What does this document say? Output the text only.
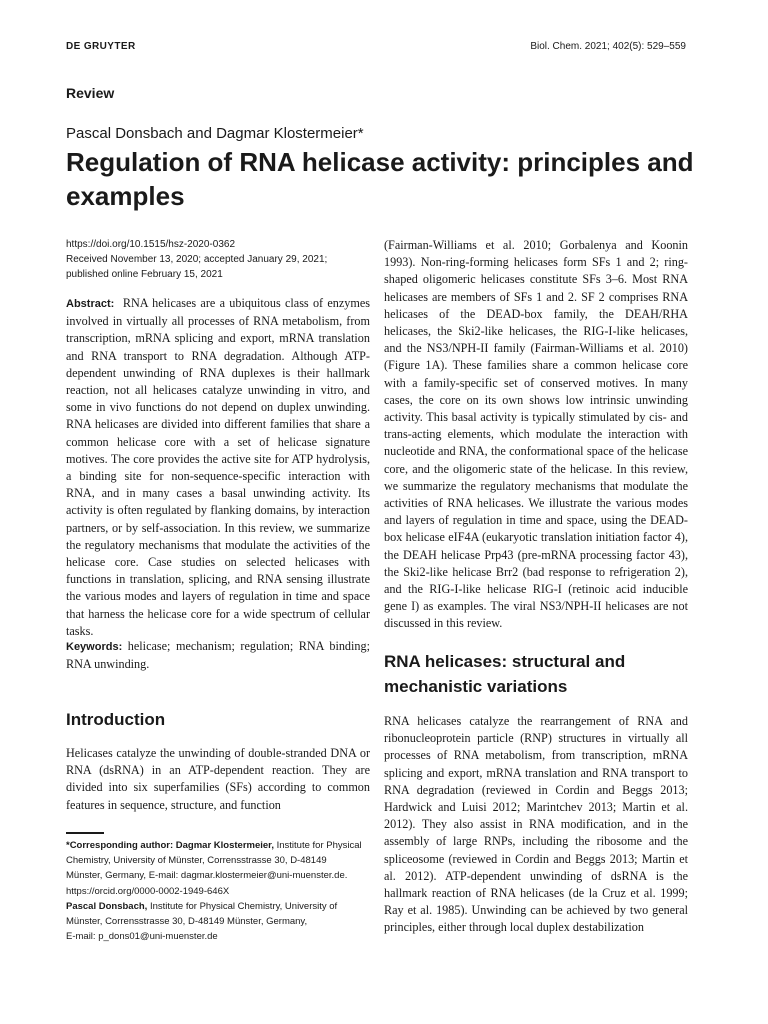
DE GRUYTER	Biol. Chem. 2021; 402(5): 529–559
Review
Pascal Donsbach and Dagmar Klostermeier*
Regulation of RNA helicase activity: principles and examples
https://doi.org/10.1515/hsz-2020-0362
Received November 13, 2020; accepted January 29, 2021;
published online February 15, 2021

Abstract: RNA helicases are a ubiquitous class of enzymes involved in virtually all processes of RNA metabolism, from transcription, mRNA splicing and export, mRNA translation and RNA transport to RNA degradation. Although ATP-dependent unwinding of RNA duplexes is their hallmark reaction, not all helicases catalyze unwinding in vitro, and some in vivo functions do not depend on duplex unwinding. RNA helicases are divided into different families that share a common helicase core with a set of helicase signature motives. The core provides the active site for ATP hydrolysis, a binding site for non-sequence-specific interaction with RNA, and in many cases a basal unwinding activity. Its activity is often regulated by flanking domains, by interaction partners, or by self-association. In this review, we summarize the regulatory mechanisms that modulate the activities of the helicase core. Case studies on selected helicases with functions in translation, splicing, and RNA sensing illustrate the various modes and layers of regulation in time and space that harness the helicase core for a wide spectrum of cellular tasks.

Keywords: helicase; mechanism; regulation; RNA binding; RNA unwinding.

Introduction

Helicases catalyze the unwinding of double-stranded DNA or RNA (dsRNA) in an ATP-dependent reaction. They are divided into six superfamilies (SFs) according to common features in sequence, structure, and function

(Fairman-Williams et al. 2010; Gorbalenya and Koonin 1993). Non-ring-forming helicases form SFs 1 and 2; ring-shaped oligomeric helicases constitute SFs 3–6. Most RNA helicases are members of SFs 1 and 2. SF 2 comprises RNA helicases of the DEAD-box family, the DEAH/RHA helicases, the Ski2-like helicases, the RIG-I-like helicases, and the NS3/NPH-II family (Fairman-Williams et al. 2010) (Figure 1A). These families share a common helicase core with a family-specific set of conserved motives. In many cases, the core on its own shows low intrinsic unwinding activity. This basal activity is typically stimulated by cis- and trans-acting elements, which modulate the interaction with nucleotide and RNA, the conformational space of the helicase core, and the oligomeric state of the helicase. In this review, we summarize the regulatory mechanisms that modulate the activities of RNA helicases. We illustrate the various modes and layers of regulation in time and space, using the DEAD-box helicase eIF4A (eukaryotic translation initiation factor 4), the DEAH helicase Prp43 (pre-mRNA processing factor 43), the Ski2-like helicase Brr2 (bad response to refrigeration 2), and the RIG-I-like helicase RIG-I (retinoic acid inducible gene I) as examples. The viral NS3/NPH-II helicases are not discussed in this review.

RNA helicases: structural and mechanistic variations

RNA helicases catalyze the rearrangement of RNA and ribonucleoprotein particle (RNP) structures in virtually all processes of RNA metabolism, from transcription, mRNA splicing and export, mRNA translation and RNA transport to RNA degradation (reviewed in Cordin and Beggs 2013; Hardwick and Luisi 2012; Marintchev 2013; Martin et al. 2012). They also assist in RNA modification, and in the assembly of large RNPs, including the ribosome and the spliceosome (reviewed in Cordin and Beggs 2013; Martin et al. 2012). ATP-dependent unwinding of dsRNA is the hallmark reaction of RNA helicases (de la Cruz et al. 1999; Ray et al. 1985). Unwinding can be achieved by two general principles, either through local duplex destabilization

*Corresponding author: Dagmar Klostermeier, Institute for Physical
Chemistry, University of Münster, Corrensstrasse 30, D-48149
Münster, Germany, E-mail: dagmar.klostermeier@uni-muenster.de.
https://orcid.org/0000-0002-1949-646X
Pascal Donsbach, Institute for Physical Chemistry, University of
Münster, Corrensstrasse 30, D-48149 Münster, Germany,
E-mail: p_dons01@uni-muenster.de
